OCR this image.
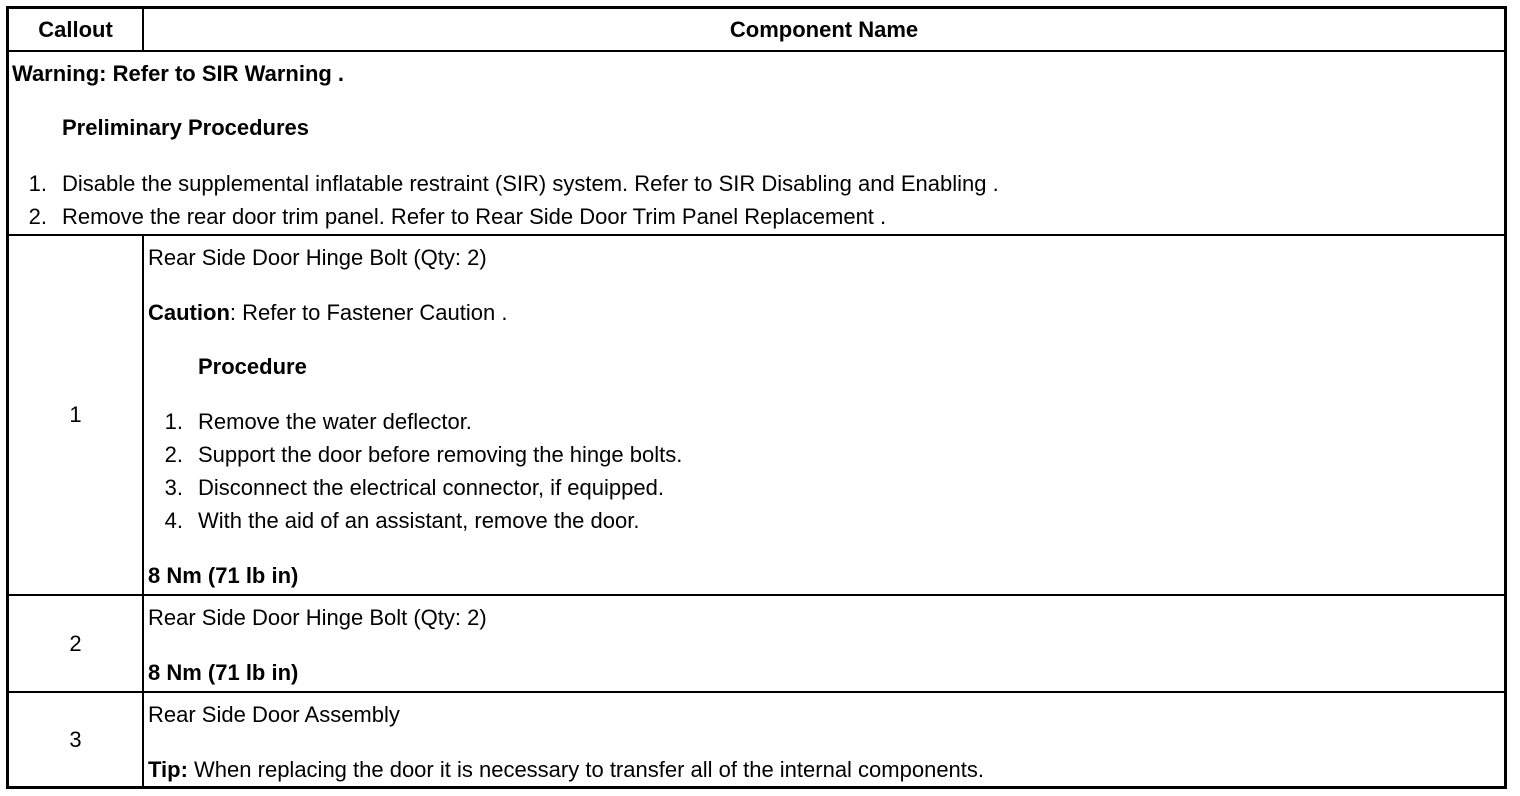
Callout	Component Name
Warning: Refer to SIR Warning .
Preliminary Procedures
1. Disable the supplemental inflatable restraint (SIR) system. Refer to SIR Disabling and Enabling .
2. Remove the rear door trim panel. Refer to Rear Side Door Trim Panel Replacement .
1
Rear Side Door Hinge Bolt (Qty: 2)
Caution: Refer to Fastener Caution .
Procedure
1. Remove the water deflector.
2. Support the door before removing the hinge bolts.
3. Disconnect the electrical connector, if equipped.
4. With the aid of an assistant, remove the door.
8 Nm (71 lb in)
2
Rear Side Door Hinge Bolt (Qty: 2)
8 Nm (71 lb in)
3
Rear Side Door Assembly
Tip: When replacing the door it is necessary to transfer all of the internal components.
